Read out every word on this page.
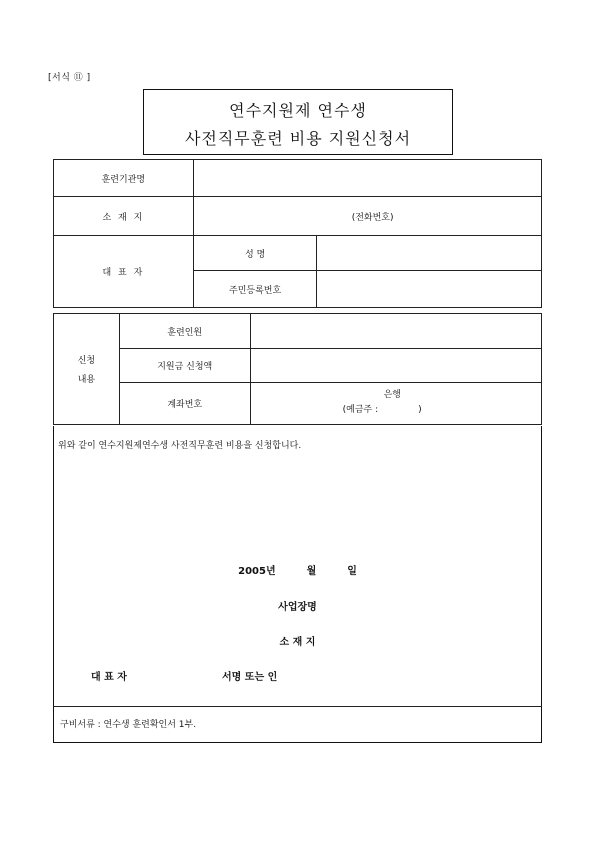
[서식 ⑪ ]
연수지원제 연수생
사전직무훈련 비용 지원신청서
훈련기관명		
소 재 지	(전화번호)	

대 표 자	성 명	
	주민등록번호	
신청
내용	훈련인원	
	지원금 신청액	
	계좌번호	은행
(예금주 :              )
위와 같이 연수지원제연수생 사전직무훈련 비용을 신청합니다.
2005년	월	일
사업장명
소 재 지
대 표 자	서명 또는 인
구비서류 : 연수생 훈련확인서 1부.
